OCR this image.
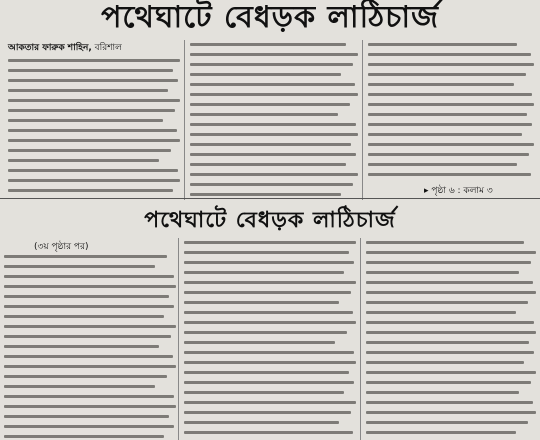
পথেঘাটে বেধড়ক লাঠিচার্জ
আকতার ফারুক শাহিন, বরিশাল
▸ পৃষ্ঠা ৬ : কলাম ৩
পথেঘাটে বেধড়ক লাঠিচার্জ
(৩য় পৃষ্ঠার পর)
